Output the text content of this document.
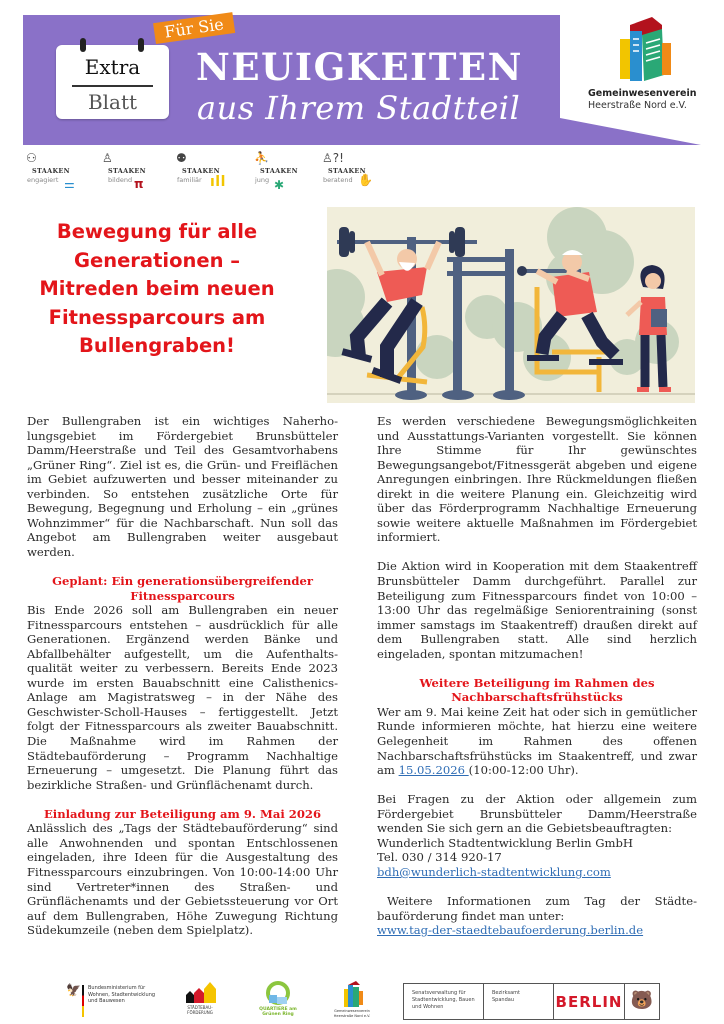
Extra
Blatt
Für Sie
NEUIGKEITEN
aus Ihrem Stadtteil	Gemeinwesenverein
Heerstraße Nord e.V.
⚇
STAAKEN
engagiert ⚌
♙
STAAKEN
bildend π
⚉
STAAKEN
familiär ıll
⛹
STAAKEN
jung ✱
♙?!
STAAKEN
beratend ✋
Bewegung für alle Generationen – Mitreden beim neuen Fitnessparcours am Bullengraben!

Der Bullengraben ist ein wichtiges Naherholungsgebiet im Fördergebiet Brunsbütteler Damm/Heerstraße und Teil des Gesamtvorhabens „Grüner Ring“. Ziel ist es, die Grün- und Freiflächen im Gebiet aufzuwerten und besser miteinander zu verbinden. So entstehen zusätzliche Orte für Bewegung, Begegnung und Erholung – ein „grünes Wohnzimmer“ für die Nachbarschaft. Nun soll das Angebot am Bullengraben weiter ausgebaut werden.

Geplant: Ein generationsübergreifender Fitnessparcours

Bis Ende 2026 soll am Bullengraben ein neuer Fitnessparcours entstehen – ausdrücklich für alle Generationen. Ergänzend werden Bänke und Abfallbehälter aufgestellt, um die Aufenthaltsqualität weiter zu verbessern. Bereits Ende 2023 wurde im ersten Bauabschnitt eine Calisthenics-Anlage am Magistratsweg – in der Nähe des Geschwister-Scholl-Hauses – fertiggestellt. Jetzt folgt der Fitnessparcours als zweiter Bauabschnitt. Die Maßnahme wird im Rahmen der Städtebauförderung – Programm Nachhaltige Erneuerung – umgesetzt. Die Planung führt das bezirkliche Straßen- und Grünflächenamt durch.

Einladung zur Beteiligung am 9. Mai 2026

Anlässlich des „Tags der Städtebauförderung“ sind alle Anwohnenden und spontan Entschlossenen eingeladen, ihre Ideen für die Ausgestaltung des Fitnessparcours einzubringen. Von 10:00-14:00 Uhr sind Vertreter*innen des Straßen- und Grünflächenamts und der Gebietssteuerung vor Ort auf dem Bullengraben, Höhe Zuwegung Richtung Südekumzeile (neben dem Spielplatz).

Es werden verschiedene Bewegungsmöglichkeiten und Ausstattungs-Varianten vorgestellt. Sie können Ihre Stimme für Ihr gewünschtes Bewegungsangebot/Fitnessgerät abgeben und eigene Anregungen einbringen. Ihre Rückmeldungen fließen direkt in die weitere Planung ein. Gleichzeitig wird über das Förderprogramm Nachhaltige Erneuerung sowie weitere aktuelle Maßnahmen im Fördergebiet informiert.

Die Aktion wird in Kooperation mit dem Staakentreff Brunsbütteler Damm durchgeführt. Parallel zur Beteiligung zum Fitnessparcours findet von 10:00 – 13:00 Uhr das regelmäßige Seniorentraining (sonst immer samstags im Staakentreff) draußen direkt auf dem Bullengraben statt. Alle sind herzlich eingeladen, spontan mitzumachen!

Weitere Beteiligung im Rahmen des Nachbarschaftsfrühstücks

Wer am 9. Mai keine Zeit hat oder sich in gemütlicher Runde informieren möchte, hat hierzu eine weitere Gelegenheit im Rahmen des offenen Nachbarschaftsfrühstücks im Staakentreff, und zwar am 15.05.2026 (10:00-12:00 Uhr).

Bei Fragen zu der Aktion oder allgemein zum Fördergebiet Brunsbütteler Damm/Heerstraße wenden Sie sich gern an die Gebietsbeauftragten:

Wunderlich Stadtentwicklung Berlin GmbH

Tel. 030 / 314 920-17

bdh@wunderlich-stadtentwicklung.com

Weitere Informationen zum Tag der Städtebauförderung findet man unter:

www.tag-der-staedtebaufoerderung.berlin.de

🦅 Bundesministerium für Wohnen, Stadtentwicklung und Bauwesen
STÄDTEBAU-FÖRDERUNG
QUARTIERE am Grünen Ring
Gemeinwesenverein Heerstraße Nord e.V.
Senatsverwaltung für Stadtentwicklung, Bauen und Wohnen
Bezirksamt Spandau	BERLIN 🐻
